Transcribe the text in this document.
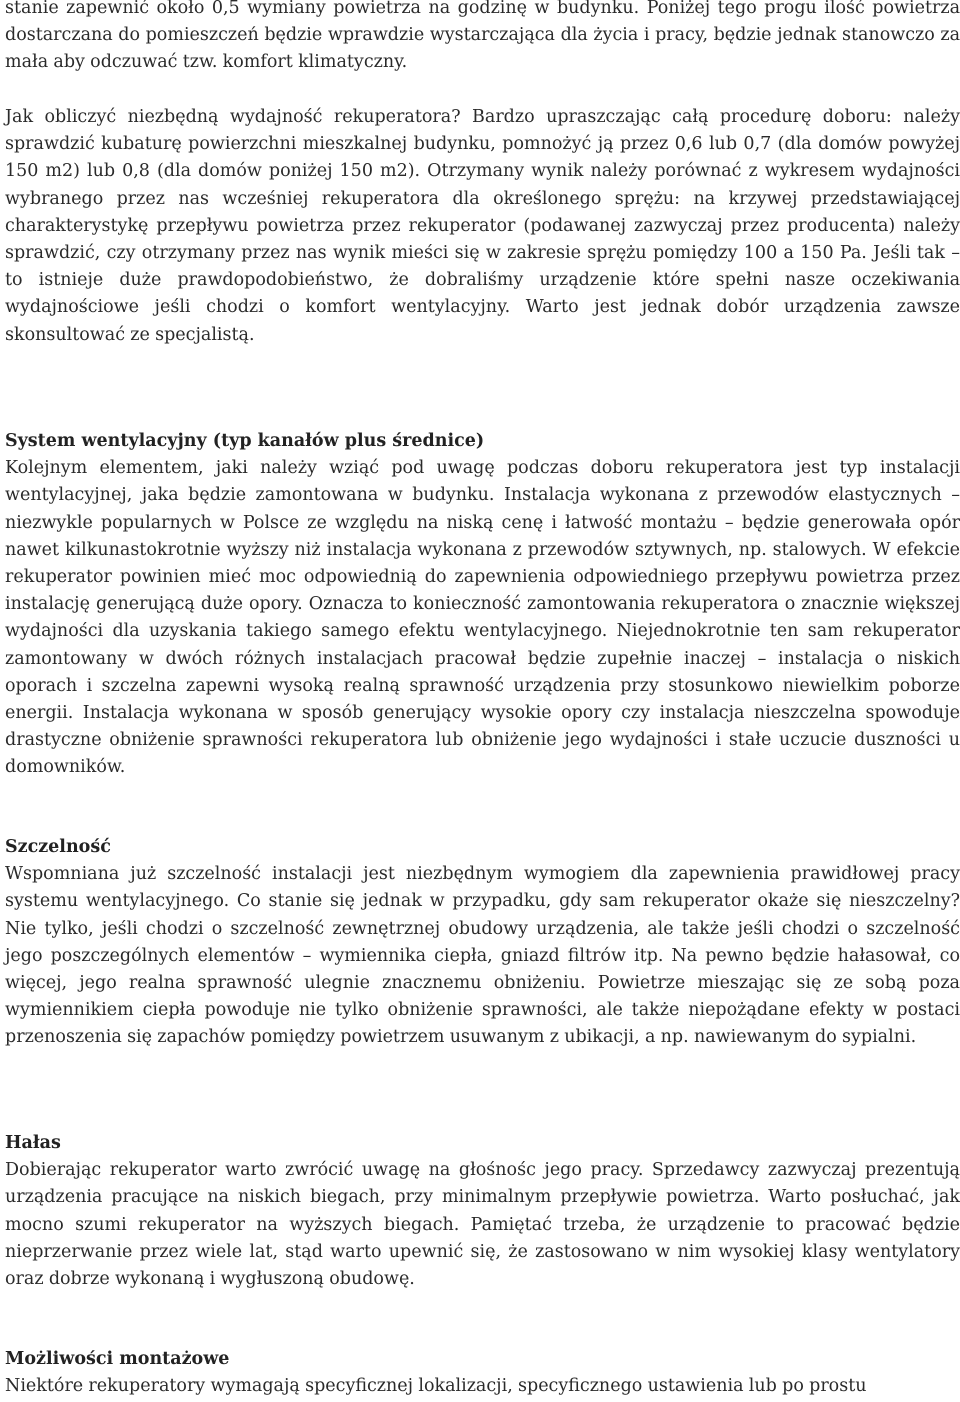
stanie zapewnić około 0,5 wymiany powietrza na godzinę w budynku. Poniżej tego progu ilość powietrza dostarczana do pomieszczeń będzie wprawdzie wystarczająca dla życia i pracy, będzie jednak stanowczo za mała aby odczuwać tzw. komfort klimatyczny.

Jak obliczyć niezbędną wydajność rekuperatora? Bardzo upraszczając całą procedurę doboru: należy sprawdzić kubaturę powierzchni mieszkalnej budynku, pomnożyć ją przez 0,6 lub 0,7 (dla domów powyżej 150 m2) lub 0,8 (dla domów poniżej 150 m2). Otrzymany wynik należy porównać z wykresem wydajności wybranego przez nas wcześniej rekuperatora dla określonego sprężu: na krzywej przedstawiającej charakterystykę przepływu powietrza przez rekuperator (podawanej zazwyczaj przez producenta) należy sprawdzić, czy otrzymany przez nas wynik mieści się w zakresie sprężu pomiędzy 100 a 150 Pa. Jeśli tak – to istnieje duże prawdopodobieństwo, że dobraliśmy urządzenie które spełni nasze oczekiwania wydajnościowe jeśli chodzi o komfort wentylacyjny. Warto jest jednak dobór urządzenia zawsze skonsultować ze specjalistą.

System wentylacyjny (typ kanałów plus średnice)

Kolejnym elementem, jaki należy wziąć pod uwagę podczas doboru rekuperatora jest typ instalacji wentylacyjnej, jaka będzie zamontowana w budynku. Instalacja wykonana z przewodów elastycznych – niezwykle popularnych w Polsce ze względu na niską cenę i łatwość montażu – będzie generowała opór nawet kilkunastokrotnie wyższy niż instalacja wykonana z przewodów sztywnych, np. stalowych. W efekcie rekuperator powinien mieć moc odpowiednią do zapewnienia odpowiedniego przepływu powietrza przez instalację generującą duże opory. Oznacza to konieczność zamontowania rekuperatora o znacznie większej wydajności dla uzyskania takiego samego efektu wentylacyjnego. Niejednokrotnie ten sam rekuperator zamontowany w dwóch różnych instalacjach pracował będzie zupełnie inaczej – instalacja o niskich oporach i szczelna zapewni wysoką realną sprawność urządzenia przy stosunkowo niewielkim poborze energii. Instalacja wykonana w sposób generujący wysokie opory czy instalacja nieszczelna spowoduje drastyczne obniżenie sprawności rekuperatora lub obniżenie jego wydajności i stałe uczucie duszności u domowników.

Szczelność

Wspomniana już szczelność instalacji jest niezbędnym wymogiem dla zapewnienia prawidłowej pracy systemu wentylacyjnego. Co stanie się jednak w przypadku, gdy sam rekuperator okaże się nieszczelny? Nie tylko, jeśli chodzi o szczelność zewnętrznej obudowy urządzenia, ale także jeśli chodzi o szczelność jego poszczególnych elementów – wymiennika ciepła, gniazd filtrów itp. Na pewno będzie hałasował, co więcej, jego realna sprawność ulegnie znacznemu obniżeniu. Powietrze mieszając się ze sobą poza wymiennikiem ciepła powoduje nie tylko obniżenie sprawności, ale także niepożądane efekty w postaci przenoszenia się zapachów pomiędzy powietrzem usuwanym z ubikacji, a np. nawiewanym do sypialni.

Hałas

Dobierając rekuperator warto zwrócić uwagę na głośnośc jego pracy. Sprzedawcy zazwyczaj prezentują urządzenia pracujące na niskich biegach, przy minimalnym przepływie powietrza. Warto posłuchać, jak mocno szumi rekuperator na wyższych biegach. Pamiętać trzeba, że urządzenie to pracować będzie nieprzerwanie przez wiele lat, stąd warto upewnić się, że zastosowano w nim wysokiej klasy wentylatory oraz dobrze wykonaną i wygłuszoną obudowę.

Możliwości montażowe

Niektóre rekuperatory wymagają specyficznej lokalizacji, specyficznego ustawienia lub po prostu
